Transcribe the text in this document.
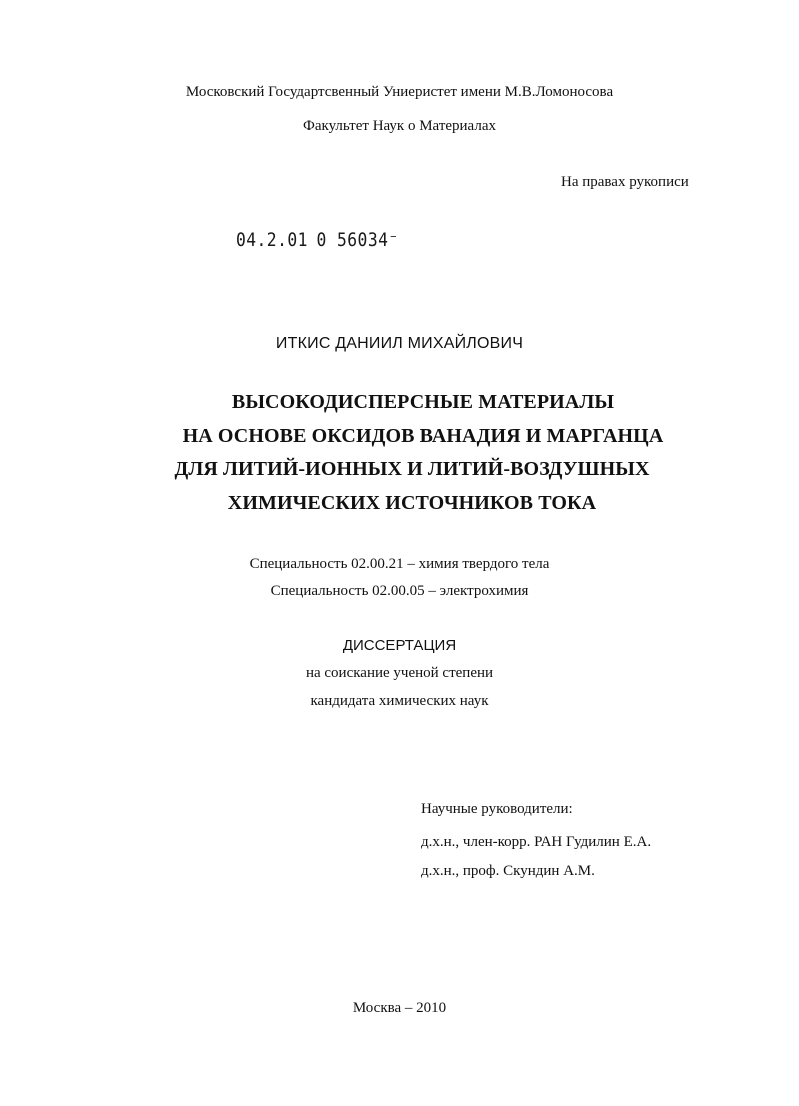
Московский Государтсвенный Униеристет имени М.В.Ломоносова
Факультет Наук о Материалах
На правах рукописи
04.2.01 0 56034⁻
ИТКИС ДАНИИЛ МИХАЙЛОВИЧ
ВЫСОКОДИСПЕРСНЫЕ МАТЕРИАЛЫ
НА ОСНОВЕ ОКСИДОВ ВАНАДИЯ И МАРГАНЦА
ДЛЯ ЛИТИЙ-ИОННЫХ И ЛИТИЙ-ВОЗДУШНЫХ
ХИМИЧЕСКИХ ИСТОЧНИКОВ ТОКА
Специальность 02.00.21 – химия твердого тела
Специальность 02.00.05 – электрохимия
ДИССЕРТАЦИЯ
на соискание ученой степени
кандидата химических наук
Научные руководители:
д.х.н., член-корр. РАН Гудилин Е.А.
д.х.н., проф. Скундин А.М.
Москва – 2010
